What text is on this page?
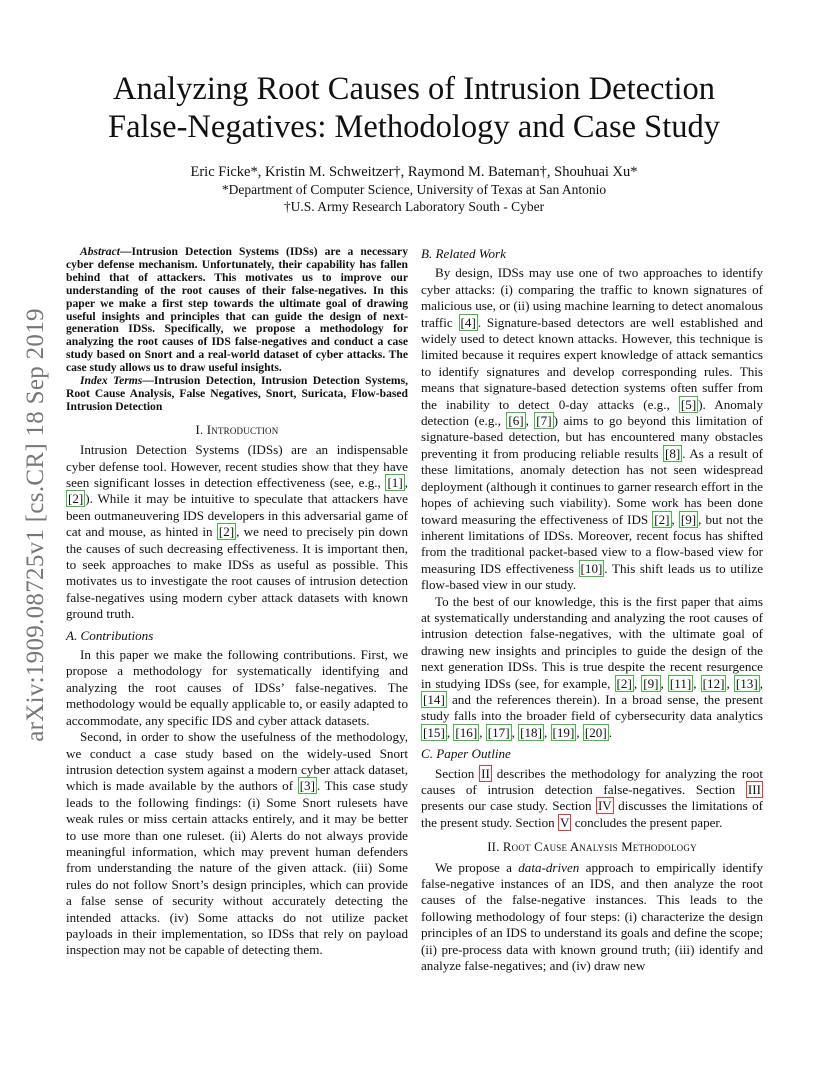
arXiv:1909.08725v1 [cs.CR] 18 Sep 2019
Analyzing Root Causes of Intrusion Detection
False-Negatives: Methodology and Case Study
Eric Ficke*, Kristin M. Schweitzer†, Raymond M. Bateman†, Shouhuai Xu*
*Department of Computer Science, University of Texas at San Antonio
†U.S. Army Research Laboratory South - Cyber

Abstract—Intrusion Detection Systems (IDSs) are a necessary cyber defense mechanism. Unfortunately, their capability has fallen behind that of attackers. This motivates us to improve our understanding of the root causes of their false-negatives. In this paper we make a first step towards the ultimate goal of drawing useful insights and principles that can guide the design of next-generation IDSs. Specifically, we propose a methodology for analyzing the root causes of IDS false-negatives and conduct a case study based on Snort and a real-world dataset of cyber attacks. The case study allows us to draw useful insights.

Index Terms—Intrusion Detection, Intrusion Detection Systems, Root Cause Analysis, False Negatives, Snort, Suricata, Flow-based Intrusion Detection

I. Introduction

Intrusion Detection Systems (IDSs) are an indispensable cyber defense tool. However, recent studies show that they have seen significant losses in detection effectiveness (see, e.g., [1] , [2] ). While it may be intuitive to speculate that attackers have been outmaneuvering IDS developers in this adversarial game of cat and mouse, as hinted in [2] , we need to precisely pin down the causes of such decreasing effectiveness. It is important then, to seek approaches to make IDSs as useful as possible. This motivates us to investigate the root causes of intrusion detection false-negatives using modern cyber attack datasets with known ground truth.

A. Contributions

In this paper we make the following contributions. First, we propose a methodology for systematically identifying and analyzing the root causes of IDSs’ false-negatives. The methodology would be equally applicable to, or easily adapted to accommodate, any specific IDS and cyber attack datasets.

Second, in order to show the usefulness of the methodology, we conduct a case study based on the widely-used Snort intrusion detection system against a modern cyber attack dataset, which is made available by the authors of [3] . This case study leads to the following findings: (i) Some Snort rulesets have weak rules or miss certain attacks entirely, and it may be better to use more than one ruleset. (ii) Alerts do not always provide meaningful information, which may prevent human defenders from understanding the nature of the given attack. (iii) Some rules do not follow Snort’s design principles, which can provide a false sense of security without accurately detecting the intended attacks. (iv) Some attacks do not utilize packet payloads in their implementation, so IDSs that rely on payload inspection may not be capable of detecting them.

B. Related Work

By design, IDSs may use one of two approaches to identify cyber attacks: (i) comparing the traffic to known signatures of malicious use, or (ii) using machine learning to detect anomalous traffic [4] . Signature-based detectors are well established and widely used to detect known attacks. However, this technique is limited because it requires expert knowledge of attack semantics to identify signatures and develop corresponding rules. This means that signature-based detection systems often suffer from the inability to detect 0-day attacks (e.g., [5] ). Anomaly detection (e.g., [6] , [7] ) aims to go beyond this limitation of signature-based detection, but has encountered many obstacles preventing it from producing reliable results [8] . As a result of these limitations, anomaly detection has not seen widespread deployment (although it continues to garner research effort in the hopes of achieving such viability). Some work has been done toward measuring the effectiveness of IDS [2] , [9] , but not the inherent limitations of IDSs. Moreover, recent focus has shifted from the traditional packet-based view to a flow-based view for measuring IDS effectiveness [10] . This shift leads us to utilize flow-based view in our study.

To the best of our knowledge, this is the first paper that aims at systematically understanding and analyzing the root causes of intrusion detection false-negatives, with the ultimate goal of drawing new insights and principles to guide the design of the next generation IDSs. This is true despite the recent resurgence in studying IDSs (see, for example, [2] , [9] , [11] , [12] , [13] , [14] and the references therein). In a broad sense, the present study falls into the broader field of cybersecurity data analytics [15] , [16] , [17] , [18] , [19] , [20] .

C. Paper Outline

Section II describes the methodology for analyzing the root causes of intrusion detection false-negatives. Section III presents our case study. Section IV discusses the limitations of the present study. Section V concludes the present paper.

II. Root Cause Analysis Methodology

We propose a data-driven approach to empirically identify false-negative instances of an IDS, and then analyze the root causes of the false-negative instances. This leads to the following methodology of four steps: (i) characterize the design principles of an IDS to understand its goals and define the scope; (ii) pre-process data with known ground truth; (iii) identify and analyze false-negatives; and (iv) draw new
